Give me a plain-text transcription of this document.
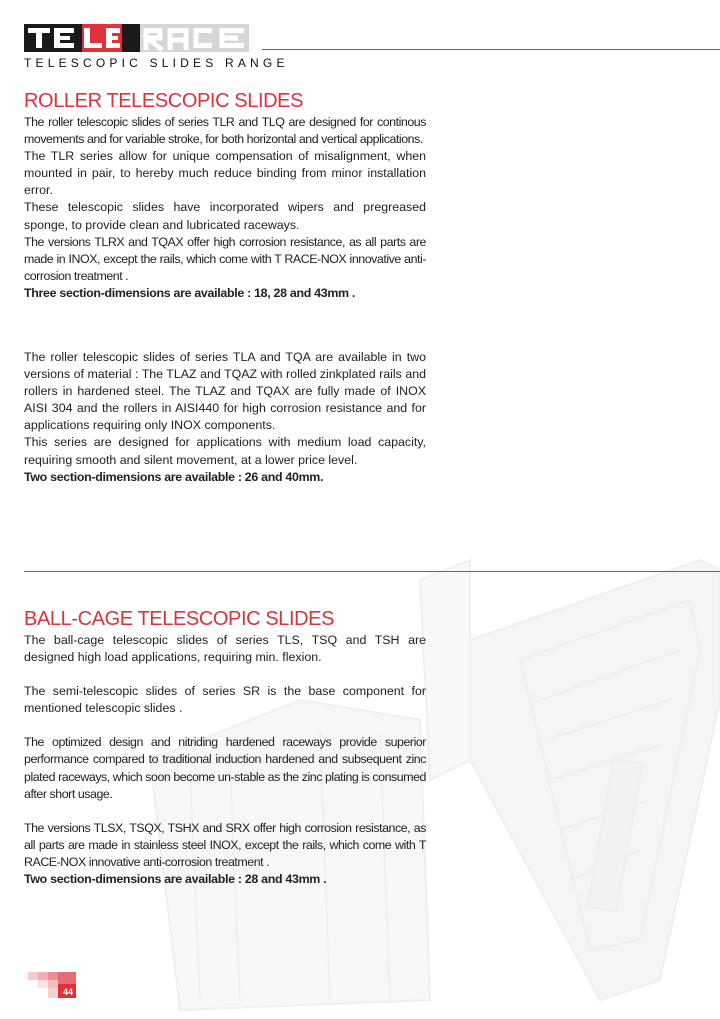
TELESCOPIC SLIDES RANGE
ROLLER TELESCOPIC SLIDES

The roller telescopic slides of series TLR and TLQ are designed for continous movements and for variable stroke, for both horizontal and vertical applications.

The TLR series allow for unique compensation of misalignment, when mounted in pair, to hereby much reduce binding from minor installation error.

These telescopic slides have incorporated wipers and pregreased sponge, to provide clean and lubricated raceways.

The versions TLRX and TQAX offer high corrosion resistance, as all parts are made in INOX, except the rails, which come with T RACE-NOX innovative anti-corrosion treatment .

Three section-dimensions are available : 18, 28 and 43mm .

The roller telescopic slides of series TLA and TQA are available in two versions of material : The TLAZ and TQAZ with rolled zinkplated rails and rollers in hardened steel. The TLAZ and TQAX are fully made of INOX AISI 304 and the rollers in AISI440 for high corrosion resistance and for applications requiring only INOX components.

This series are designed for applications with medium load capacity, requiring smooth and silent movement, at a lower price level.

Two section-dimensions are available : 26 and 40mm.

BALL-CAGE TELESCOPIC SLIDES

The ball-cage telescopic slides of series TLS, TSQ and TSH are designed high load applications, requiring min. flexion.

The semi-telescopic slides of series SR is the base component for mentioned telescopic slides .

The optimized design and nitriding hardened raceways provide superior performance compared to traditional induction hardened and subsequent zinc plated raceways, which soon become un-stable as the zinc plating is consumed after short usage.

The versions TLSX, TSQX, TSHX and SRX offer high corrosion resistance, as all parts are made in stainless steel INOX, except the rails, which come with T RACE-NOX innovative anti-corrosion treatment .

Two section-dimensions are available : 28 and 43mm .

44
